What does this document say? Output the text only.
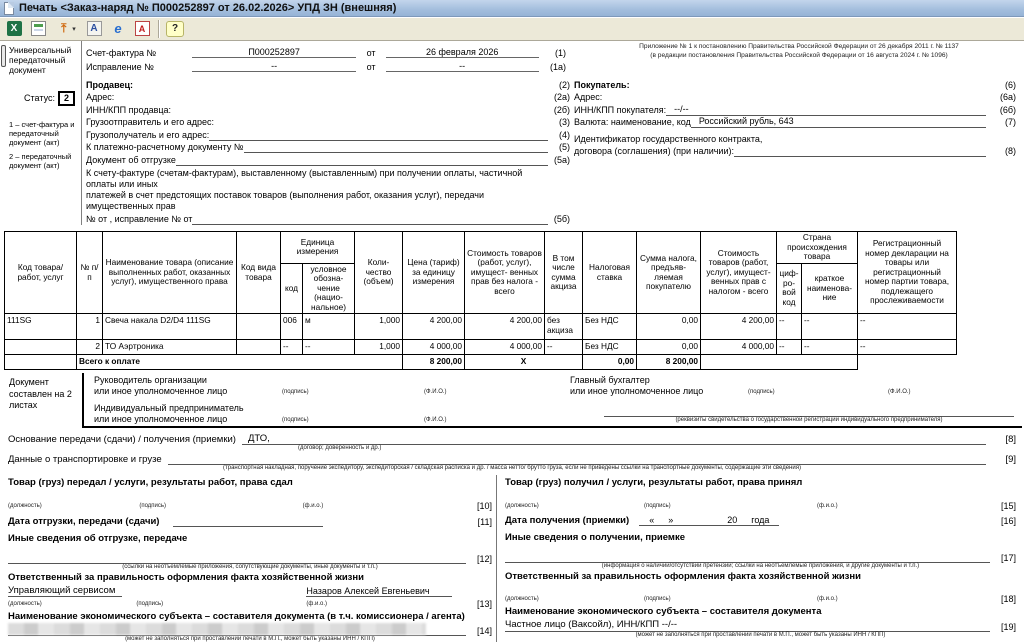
Печать <Заказ-наряд № П000252897 от 26.02.2026> УПД ЗН (внешняя)
X	⤒ ▾	A e	A	?
Универсальный передаточный документ
Статус:	2
1 – счет-фактура и передаточный документ (акт)
2 – передаточный документ (акт)
Приложение № 1 к постановлению Правительства Российской Федерации от 26 декабря 2011 г. № 1137
(в редакции постановления Правительства Российской Федерации от 16 августа 2024 г. № 1096)
Счет-фактура №	П000252897	от	26 февраля 2026	(1)
Исправление №	--	от	--	(1а)
Продавец:	(2)
Адрес:	(2а)
ИНН/КПП продавца:	(2б)
Грузоотправитель и его адрес:	(3)
Грузополучатель и его адрес:	(4)
К платежно-расчетному документу №	(5)
Документ об отгрузке	(5а)
К счету-фактуре (счетам-фактурам), выставленному (выставленным) при получении оплаты, частичной оплаты или иных
платежей в счет предстоящих поставок товаров (выполнения работ, оказания услуг), передачи имущественных прав
№ от , исправление № от	(5б)
Покупатель:	(6)
Адрес:	(6а)
ИНН/КПП покупателя: --/--	(6б)
Валюта: наименование, код Российский рубль, 643	(7)
Идентификатор государственного контракта,
договора (соглашения) (при наличии):	(8)
Код товара/ работ, услуг	№ п/п	Наименование товара (описание выполненных работ, оказанных услуг), имущественного права	Код вида товара	Единица измерения		Коли- чество (объем)	Цена (тариф) за единицу измерения	Стоимость товаров (работ, услуг), имущест- венных прав без налога - всего	В том числе сумма акциза	Налоговая ставка	Сумма налога, предъяв- ляемая покупателю	Стоимость товаров (работ, услуг), имущест- венных прав с налогом - всего	Страна происхождения товара		Регистрационный номер декларации на товары или регистрационный номер партии товара, подлежащего прослеживаемости
				код	условное обозна- чение (нацио- нальное)								циф- ро- вой код	краткое наименова- ние	
111SG	1	Свеча накала D2/D4 111SG		006	м	1,000	4 200,00	4 200,00	без акциза	Без НДС	0,00	4 200,00	--	--	--
	2	ТО Аэртроника		--	--	1,000	4 000,00	4 000,00	--	Без НДС	0,00	4 000,00	--	--	--
	Всего к оплате						8 200,00	X		0,00	8 200,00				
Документ составлен на 2 листах
Руководитель организации
или иное уполномоченное лицо	(подпись)	(Ф.И.О.)
Индивидуальный предприниматель
или иное уполномоченное лицо	(подпись)	(Ф.И.О.)
Главный бухгалтер
или иное уполномоченное лицо	(подпись)	(Ф.И.О.)
(реквизиты свидетельства о государственной регистрации индивидуального предпринимателя)
Основание передачи (сдачи) / получения (приемки)	ДТО,	[8]
(договор; доверенность и др.)
Данные о транспортировке и грузе	[9]
(транспортная накладная, поручение экспедитору, экспедиторская / складская расписка и др. / масса нетто/ брутто груза, если не приведены ссылки на транспортные документы, содержащие эти сведения)
Товар (груз) передал / услуги, результаты работ, права сдал
(должность)	(подпись)	(ф.и.о.)	[10]
Дата отгрузки, передачи (сдачи)	[11]
Иные сведения об отгрузке, передаче
[12]
(ссылки на неотъемлемые приложения, сопутствующие документы, иные документы и т.п.)
Ответственный за правильность оформления факта хозяйственной жизни
Управляющий сервисом
(должность)	(подпись)
Назаров Алексей Евгеньевич
(ф.и.о.)	[13]
Наименование экономического субъекта – составителя документа (в т.ч. комиссионера / агента)
[14]
(может не заполняться при проставлении печати в М.П., может быть указаны ИНН / КПП)
Товар (груз) получил / услуги, результаты работ, права принял
(должность)	(подпись)	(ф.и.о.)	[15]
Дата получения (приемки) « »	20 года	[16]
Иные сведения о получении, приемке
[17]
(информация о наличии/отсутствии претензии; ссылки на неотъемлемые приложения, и другие документы и т.п.)
Ответственный за правильность оформления факта хозяйственной жизни
(должность)	(подпись)	(ф.и.о.)	[18]
Наименование экономического субъекта – составителя документа
Частное лицо (Ваксойл), ИНН/КПП --/--	[19]
(может не заполняться при проставлении печати в М.П., может быть указаны ИНН / КПП)
